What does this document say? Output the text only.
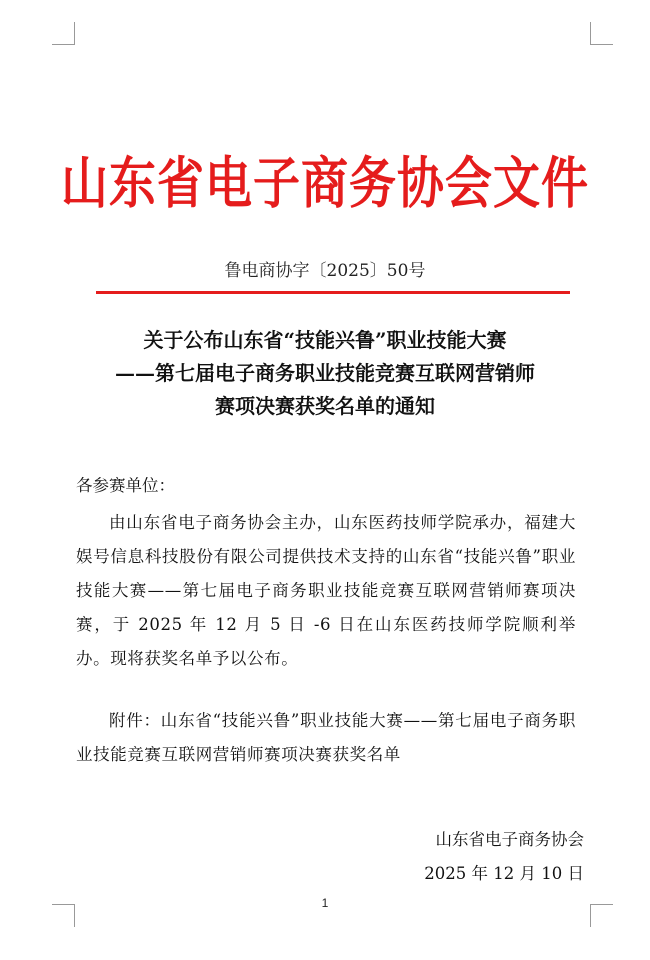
山东省电子商务协会文件
鲁电商协字〔2025〕50号
关于公布山东省“技能兴鲁”职业技能大赛
——第七届电子商务职业技能竞赛互联网营销师
赛项决赛获奖名单的通知
各参赛单位：
由山东省电子商务协会主办，山东医药技师学院承办，福建大娱号信息科技股份有限公司提供技术支持的山东省“技能兴鲁”职业技能大赛——第七届电子商务职业技能竞赛互联网营销师赛项决赛，于 2025 年 12 月 5 日 -6 日在山东医药技师学院顺利举办。现将获奖名单予以公布。
附件：山东省“技能兴鲁”职业技能大赛——第七届电子商务职业技能竞赛互联网营销师赛项决赛获奖名单
山东省电子商务协会
2025 年 12 月 10 日
1
